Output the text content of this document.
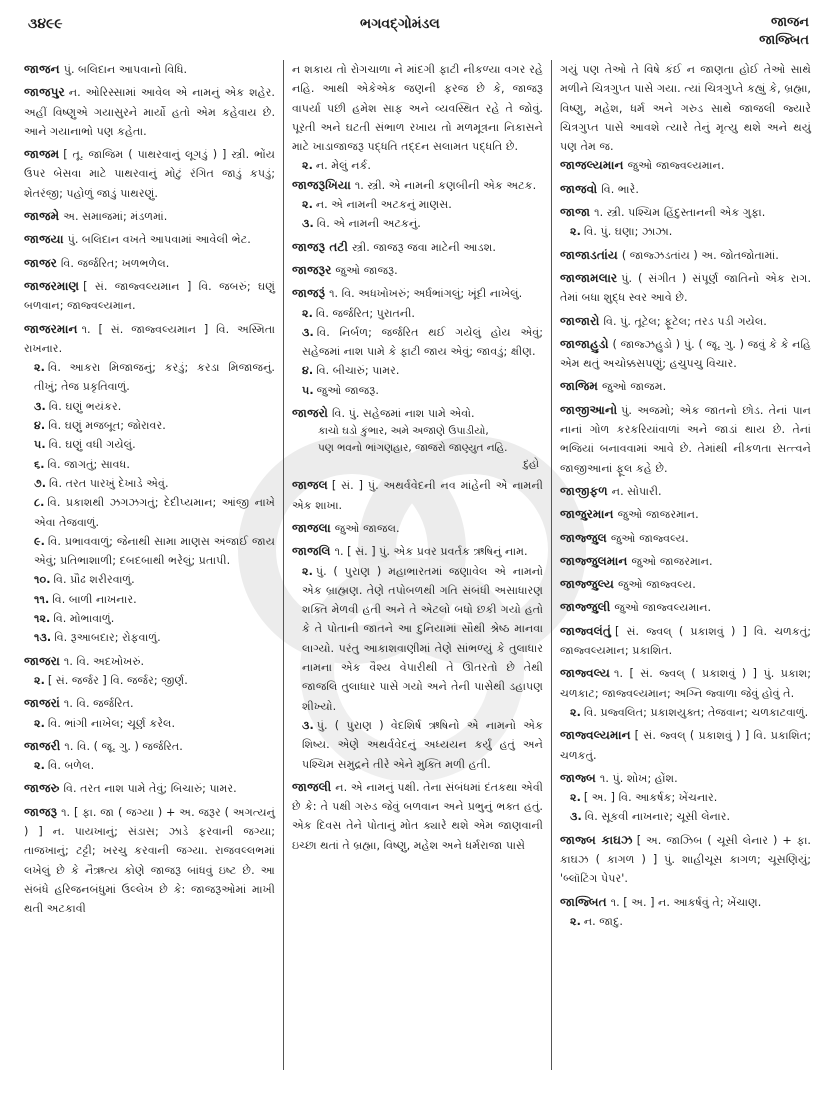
૩૪૯૯	ભગવદ્ગોમંડલ	જાજન
જાજ્બિત
જાજન પું. બલિદાન આપવાનો વિધિ.
જાજપુર ન. ઓરિસ્સામાં આવેલ એ નામનું એક શહેર. અહીં વિષ્ણુએ ગયાસુરને માર્યો હતો એમ કહેવાય છે. આને ગયાનાભો પણ કહેતા.
જાજમ [ તૂ. જાજિમ ( પાથરવાનું લૂગડું ) ] સ્ત્રી. ભોંય ઉપર બેસવા માટે પાથરવાનું મોટું રંગિત જાડું કપડું; શેતરંજી; પહોળું જાડું પાથરણું.
જાજમે અ. સમાજમાં; મંડળમાં.
જાજયા પું. બલિદાન વખતે આપવામાં આવેલી ભેટ.
જાજર વિ. જર્જરિત; ખળભળેલ.
જાજરમાણ [ સં. જાજ્વલ્યમાન ] વિ. જબરું; ઘણું બળવાન; જાજ્વલ્યમાન.
જાજરમાન ૧. [ સં. જાજ્વલ્યમાન ] વિ. અસ્મિતા રાખનાર.
૨. વિ. આકરા મિજાજનું; કરડું; કરડા મિજાજનું. તીખું; તેજ પ્રકૃતિવાળું.
૩. વિ. ઘણું ભયંકર.
૪. વિ. ઘણું મજબૂત; જોરાવર.
૫. વિ. ઘણું વધી ગયેલું.
૬. વિ. જાગતું; સાવધ.
૭. વિ. તરત પારખું દેખાડે એવું.
૮. વિ. પ્રકાશથી ઝગઝગતું; દેદીપ્યમાન; આંજી નાખે એવા તેજવાળું.
૯. વિ. પ્રભાવવાળું; જેનાથી સામા માણસ અંજાઈ જાય એવું; પ્રતિભાશાળી; દબદબાથી ભરેલું; પ્રતાપી.
૧૦. વિ. પ્રૌઢ શરીરવાળું.
૧૧. વિ. બાળી નાખનાર.
૧૨. વિ. મોભાવાળું.
૧૩. વિ. રૂઆબદાર; રોફવાળું.
જાજરા ૧. વિ. અદખોખરું.
૨. [ સં. જર્જર ] વિ. જર્જર; જીર્ણ.
જાજરાં ૧. વિ. જર્જરિત.
૨. વિ. ભાંગી નાખેલ; ચૂર્ણ કરેલ.
જાજરી ૧. વિ. ( જૂ. ગુ. ) જર્જરિત.
૨. વિ. બળેલ.
જાજરુ વિ. તરત નાશ પામે તેવું; બિચારું; પામર.
જાજરૂ ૧. [ ફા. જા ( જગ્યા ) + અ. જરૂર ( અગત્યનું ) ] ન. પાયખાનું; સંડાસ; ઝાડે ફરવાની જગ્યા; તાજખાનું; ટટ્ટી; ખરચુ કરવાની જગ્યા. રાજવલ્લભમાં લખેલું છે કે નૈઋત્ય કોણે જાજરૂ બાંધવું ઇષ્ટ છે. આ સંબંધે હરિજનબંધુમાં ઉલ્લેખ છે કે: જાજરૂઓમાં માખી થતી અટકાવી
ન શકાય તો રોગચાળા ને માંદગી ફાટી નીકળ્યા વગર રહે નહિ. આથી એકેએક જણની ફરજ છે કે, જાજરૂ વાપર્યા પછી હમેશ સાફ અને વ્યવસ્થિત રહે તે જોવું. પૂરતી અને ઘટતી સંભાળ રખાય તો મળમૂત્રના નિકાસને માટે ખાડાજાજરૂ પદ્ધતિ તદ્દન સલામત પદ્ધતિ છે.
૨. ન. મેલું નર્ક.
જાજરૂખિયા ૧. સ્ત્રી. એ નામની કણબીની એક અટક.
૨. ન. એ નામની અટકનું માણસ.
૩. વિ. એ નામની અટકનું.
જાજરૂ તટી સ્ત્રી. જાજરૂ જવા માટેની આડશ.
જાજરૂર જુઓ જાજરૂ.
જાજરૂં ૧. વિ. અધખોખરું; અર્ધભાંગલું; ખૂંદી નાખેલું.
૨. વિ. જર્જરિત; પુરાતની.
૩. વિ. નિર્બળ; જર્જરિત થઈ ગયેલું હોય એવું; સહેજમાં નાશ પામે કે ફાટી જાય એવું; જાવડું; ક્ષીણ.
૪. વિ. બીચારું; પામર.
૫. જુઓ જાજરૂ.
જાજરો વિ. પું. સહેજમાં નાશ પામે એવો.
કાચો ઘડો કુંભાર, અમે અજાણે ઉપાડીયો,
પણ ભવનો ભાંગણહાર, જાજરો જાણ્યુત નહિ.
દુહો
જાજલ [ સં. ] પું. અથર્વવેદની નવ માંહેની એ નામની એક શાખા.
જાજલા જુઓ જાજલ.
જાજલિ ૧. [ સં. ] પું. એક પ્રવર પ્રવર્તક ઋષિનું નામ.
૨. પું. ( પુરાણ ) મહાભારતમાં જણાવેલ એ નામનો એક બ્રાહ્મણ. તેણે તપોબળથી ગતિ સંબંધી અસાધારણ શક્તિ મેળવી હતી અને તે એટલો બધો છકી ગયો હતો કે તે પોતાની જાતને આ દુનિયામાં સૌથી શ્રેષ્ઠ માનવા લાગ્યો. પરંતુ આકાશવાણીમાં તેણે સાંભળ્યું કે તુલાધાર નામના એક વૈશ્ય વેપારીથી તે ઊતરતો છે તેથી જાજલિ તુલાધાર પાસે ગયો અને તેની પાસેથી ડહાપણ શીખ્યો.
૩. પું. ( પુરાણ ) વેદશિર્ષ ઋષિનો એ નામનો એક શિષ્ય. એણે અથર્વવેદનું અધ્યયન કર્યું હતું અને પશ્ચિમ સમુદ્રને તીરે એને મુક્તિ મળી હતી.
જાજલી ન. એ નામનું પક્ષી. તેના સંબંધમાં દંતકથા એવી છે કે: તે પક્ષી ગરુડ જેવું બળવાન અને પ્રભુનું ભક્ત હતું. એક દિવસ તેને પોતાનું મોત ક્યારે થશે એમ જાણવાની ઇચ્છા થતાં તે બ્રહ્મા, વિષ્ણુ, મહેશ અને ધર્મરાજા પાસે
ગયું પણ તેઓ તે વિષે કંઈ ન જાણતા હોઈ તેઓ સાથે મળીને ચિત્રગુપ્ત પાસે ગયા. ત્યાં ચિત્રગુપ્તે કહ્યું કે, બ્રહ્મા, વિષ્ણુ, મહેશ, ધર્મ અને ગરુડ સાથે જાજલી જ્યારે ચિત્રગુપ્ત પાસે આવશે ત્યારે તેનું મૃત્યુ થશે અને થયું પણ તેમ જ.
જાજલ્યમાન જુઓ જાજ્વલ્યમાન.
જાજવો વિ. ભારે.
જાજા ૧. સ્ત્રી. પશ્ચિમ હિંદુસ્તાનની એક ગુફા.
૨. વિ. પું. ઘણા; ઝાઝા.
જાજાડતાંય ( જાજ્ઝડતાંય ) અ. જોતજોતામાં.
જાજામલાર પું. ( સંગીત ) સંપૂર્ણ જાતિનો એક રાગ. તેમાં બધા શુદ્ધ સ્વર આવે છે.
જાજારો વિ. પું. તૂટેલ; ફૂટેલ; તરડ પડી ગયેલ.
જાજાહુડો ( જાજ્ઝહુડો ) પું. ( જૂ. ગુ. ) જવું કે કે નહિ એમ થતું અચોક્કસપણું; હચુપચુ વિચાર.
જાજિમ જુઓ જાજમ.
જાજીઆનો પું. અજમો; એક જાતનો છોડ. તેનાં પાન નાનાં ગોળ કરકરિયાંવાળાં અને જાડાં થાય છે. તેનાં ભજિયાં બનાવવામાં આવે છે. તેમાંથી નીકળતા સત્ત્વને જાજીઆનાં ફૂલ કહે છે.
જાજીફળ ન. સોપારી.
જાજુરમાન જુઓ જાજરમાન.
જાજ્જુલ જુઓ જાજ્વલ્ય.
જાજ્જુલમાન જુઓ જાજરમાન.
જાજ્જુલ્ય જુઓ જાજ્વલ્ય.
જાજ્જુલી જુઓ જાજ્વલ્યમાન.
જાજ્વલંતું [ સં. જ્વલ્ ( પ્રકાશવું ) ] વિ. ચળકતું; જાજ્વલ્યમાન; પ્રકાશિત.
જાજ્વલ્ય ૧. [ સં. જ્વલ્ ( પ્રકાશવું ) ] પું. પ્રકાશ; ચળકાટ; જાજ્વલ્યમાન; અગ્નિ જ્વાળા જેવું હોવું તે.
૨. વિ. પ્રજ્વલિત; પ્રકાશયુક્ત; તેજવાન; ચળકાટવાળું.
જાજ્વલ્યમાન [ સં. જ્વલ્ ( પ્રકાશવું ) ] વિ. પ્રકાશિત; ચળકતું.
જાજ્બ ૧. પું. શોખ; હોંશ.
૨. [ અ. ] વિ. આકર્ષક; ખેંચનાર.
૩. વિ. સૂકવી નાખનાર; ચૂસી લેનાર.
જાજ્બ કાઘઝ [ અ. જાઝિબ ( ચૂસી લેનાર ) + ફા. કાઘઝ ( કાગળ ) ] પું. શાહીચૂસ કાગળ; ચૂસણિયું; 'બ્લૉટિંગ પેપર'.
જાજ્બિત ૧. [ અ. ] ન. આકર્ષવું તે; ખેંચાણ.
૨. ન. જાદુ.
